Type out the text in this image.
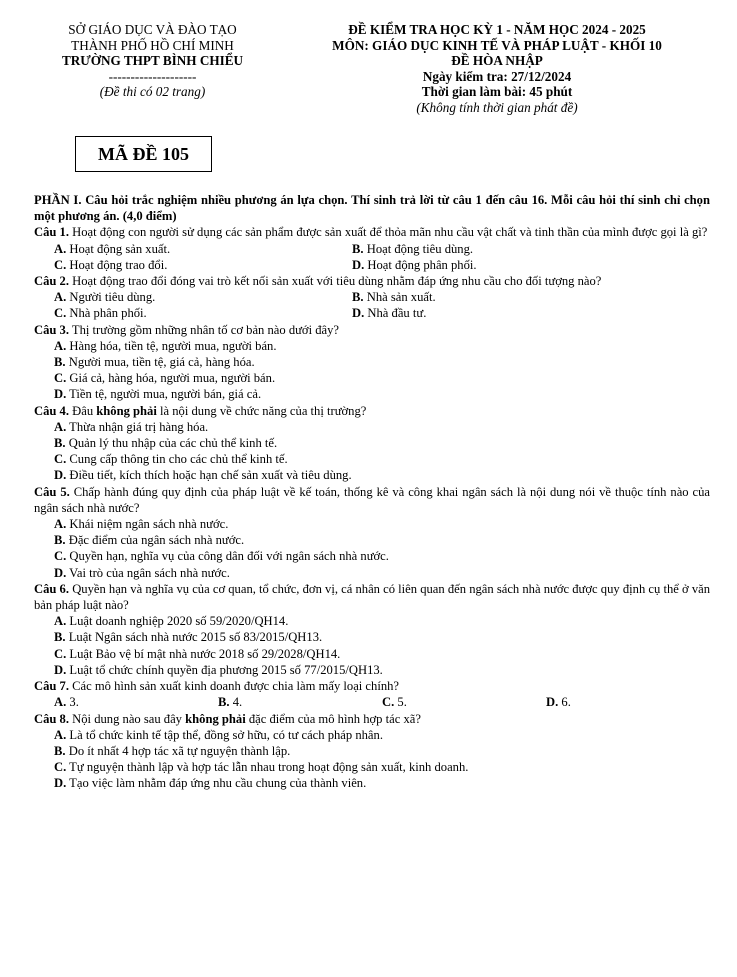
SỞ GIÁO DỤC VÀ ĐÀO TẠO
THÀNH PHỐ HỒ CHÍ MINH
TRƯỜNG THPT BÌNH CHIỂU
--------------------
(Đề thi có 02 trang)
ĐỀ KIỂM TRA HỌC KỲ 1 - NĂM HỌC 2024 - 2025
MÔN: GIÁO DỤC KINH TẾ VÀ PHÁP LUẬT - KHỐI 10
ĐỀ HÒA NHẬP
Ngày kiểm tra: 27/12/2024
Thời gian làm bài: 45 phút
(Không tính thời gian phát đề)
MÃ ĐỀ 105
PHẦN I. Câu hỏi trắc nghiệm nhiều phương án lựa chọn. Thí sinh trả lời từ câu 1 đến câu 16. Mỗi câu hỏi thí sinh chỉ chọn một phương án. (4,0 điểm)
Câu 1. Hoạt động con người sử dụng các sản phẩm được sản xuất để thỏa mãn nhu cầu vật chất và tinh thần của mình được gọi là gì?
A. Hoạt động sản xuất.	B. Hoạt động tiêu dùng.
C. Hoạt động trao đổi.	D. Hoạt động phân phối.
Câu 2. Hoạt động trao đổi đóng vai trò kết nối sản xuất với tiêu dùng nhằm đáp ứng nhu cầu cho đối tượng nào?
A. Người tiêu dùng.	B. Nhà sản xuất.
C. Nhà phân phối.	D. Nhà đầu tư.
Câu 3. Thị trường gồm những nhân tố cơ bản nào dưới đây?
A. Hàng hóa, tiền tệ, người mua, người bán.
B. Người mua, tiền tệ, giá cả, hàng hóa.
C. Giá cả, hàng hóa, người mua, người bán.
D. Tiền tệ, người mua, người bán, giá cả.
Câu 4. Đâu không phải là nội dung về chức năng của thị trường?
A. Thừa nhận giá trị hàng hóa.
B. Quản lý thu nhập của các chủ thể kinh tế.
C. Cung cấp thông tin cho các chủ thể kinh tế.
D. Điều tiết, kích thích hoặc hạn chế sản xuất và tiêu dùng.
Câu 5. Chấp hành đúng quy định của pháp luật về kế toán, thống kê và công khai ngân sách là nội dung nói về thuộc tính nào của ngân sách nhà nước?
A. Khái niệm ngân sách nhà nước.
B. Đặc điểm của ngân sách nhà nước.
C. Quyền hạn, nghĩa vụ của công dân đối với ngân sách nhà nước.
D. Vai trò của ngân sách nhà nước.
Câu 6. Quyền hạn và nghĩa vụ của cơ quan, tổ chức, đơn vị, cá nhân có liên quan đến ngân sách nhà nước được quy định cụ thể ở văn bản pháp luật nào?
A. Luật doanh nghiệp 2020 số 59/2020/QH14.
B. Luật Ngân sách nhà nước 2015 số 83/2015/QH13.
C. Luật Bảo vệ bí mật nhà nước 2018 số 29/2028/QH14.
D. Luật tổ chức chính quyền địa phương 2015 số 77/2015/QH13.
Câu 7. Các mô hình sản xuất kinh doanh được chia làm mấy loại chính?
A. 3.	B. 4.	C. 5.	D. 6.
Câu 8. Nội dung nào sau đây không phải đặc điểm của mô hình hợp tác xã?
A. Là tổ chức kinh tế tập thể, đồng sở hữu, có tư cách pháp nhân.
B. Do ít nhất 4 hợp tác xã tự nguyện thành lập.
C. Tự nguyện thành lập và hợp tác lẫn nhau trong hoạt động sản xuất, kinh doanh.
D. Tạo việc làm nhằm đáp ứng nhu cầu chung của thành viên.
